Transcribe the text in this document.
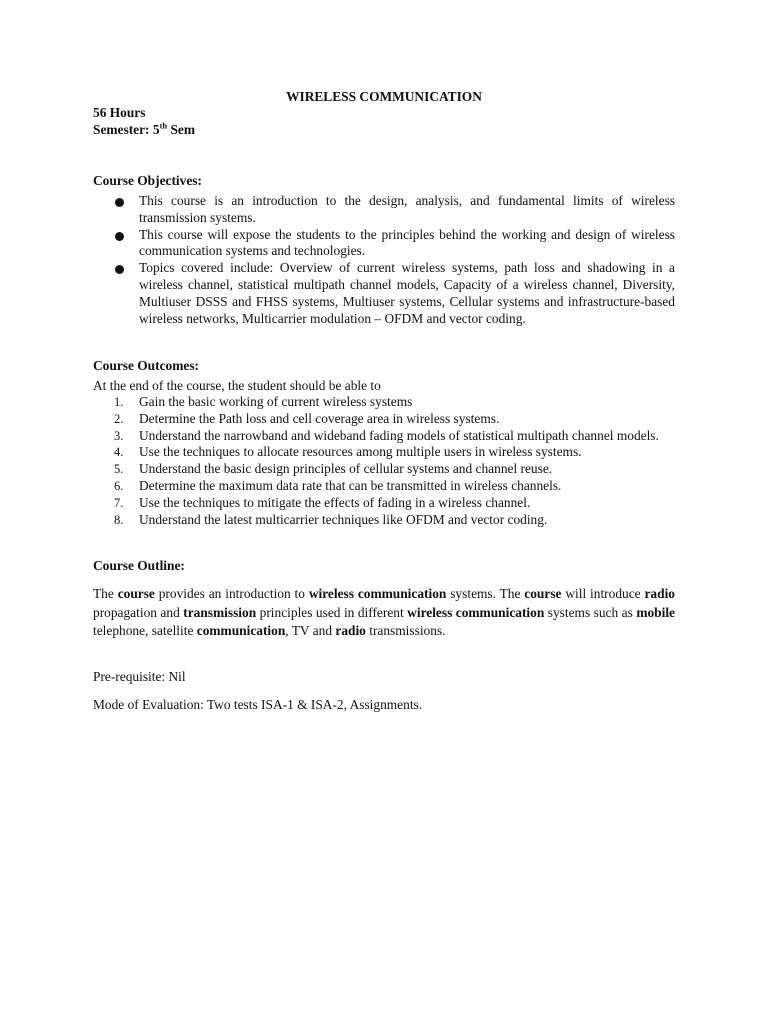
WIRELESS COMMUNICATION
56 Hours
Semester: 5th Sem
Course Objectives:
This course is an introduction to the design, analysis, and fundamental limits of wireless transmission systems.
This course will expose the students to the principles behind the working and design of wireless communication systems and technologies.
Topics covered include: Overview of current wireless systems, path loss and shadowing in a wireless channel, statistical multipath channel models, Capacity of a wireless channel, Diversity, Multiuser DSSS and FHSS systems, Multiuser systems, Cellular systems and infrastructure-based wireless networks, Multicarrier modulation – OFDM and vector coding.
Course Outcomes:
At the end of the course, the student should be able to
1. Gain the basic working of current wireless systems
2. Determine the Path loss and cell coverage area in wireless systems.
3. Understand the narrowband and wideband fading models of statistical multipath channel models.
4. Use the techniques to allocate resources among multiple users in wireless systems.
5. Understand the basic design principles of cellular systems and channel reuse.
6. Determine the maximum data rate that can be transmitted in wireless channels.
7. Use the techniques to mitigate the effects of fading in a wireless channel.
8. Understand the latest multicarrier techniques like OFDM and vector coding.
Course Outline:
The course provides an introduction to wireless communication systems. The course will introduce radio propagation and transmission principles used in different wireless communication systems such as mobile telephone, satellite communication, TV and radio transmissions.
Pre-requisite: Nil
Mode of Evaluation: Two tests ISA-1 & ISA-2, Assignments.
